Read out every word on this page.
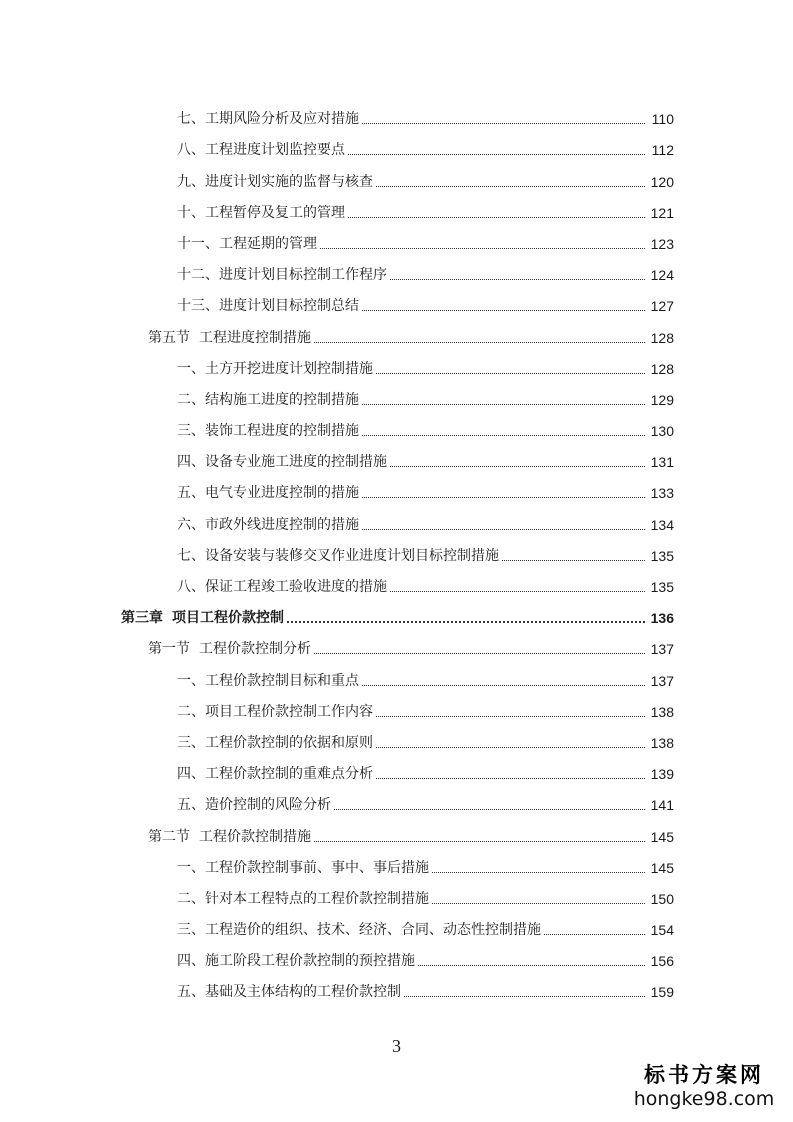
七、工期风险分析及应对措施	110
八、工程进度计划监控要点	112
九、进度计划实施的监督与核查	120
十、工程暂停及复工的管理	121
十一、工程延期的管理	123
十二、进度计划目标控制工作程序	124
十三、进度计划目标控制总结	127
第五节 工程进度控制措施	128
一、土方开挖进度计划控制措施	128
二、结构施工进度的控制措施	129
三、装饰工程进度的控制措施	130
四、设备专业施工进度的控制措施	131
五、电气专业进度控制的措施	133
六、市政外线进度控制的措施	134
七、设备安装与装修交叉作业进度计划目标控制措施	135
八、保证工程竣工验收进度的措施	135
第三章 项目工程价款控制	136
第一节 工程价款控制分析	137
一、工程价款控制目标和重点	137
二、项目工程价款控制工作内容	138
三、工程价款控制的依据和原则	138
四、工程价款控制的重难点分析	139
五、造价控制的风险分析	141
第二节 工程价款控制措施	145
一、工程价款控制事前、事中、事后措施	145
二、针对本工程特点的工程价款控制措施	150
三、工程造价的组织、技术、经济、合同、动态性控制措施	154
四、施工阶段工程价款控制的预控措施	156
五、基础及主体结构的工程价款控制	159
3
标书方案网
hongke98.com
